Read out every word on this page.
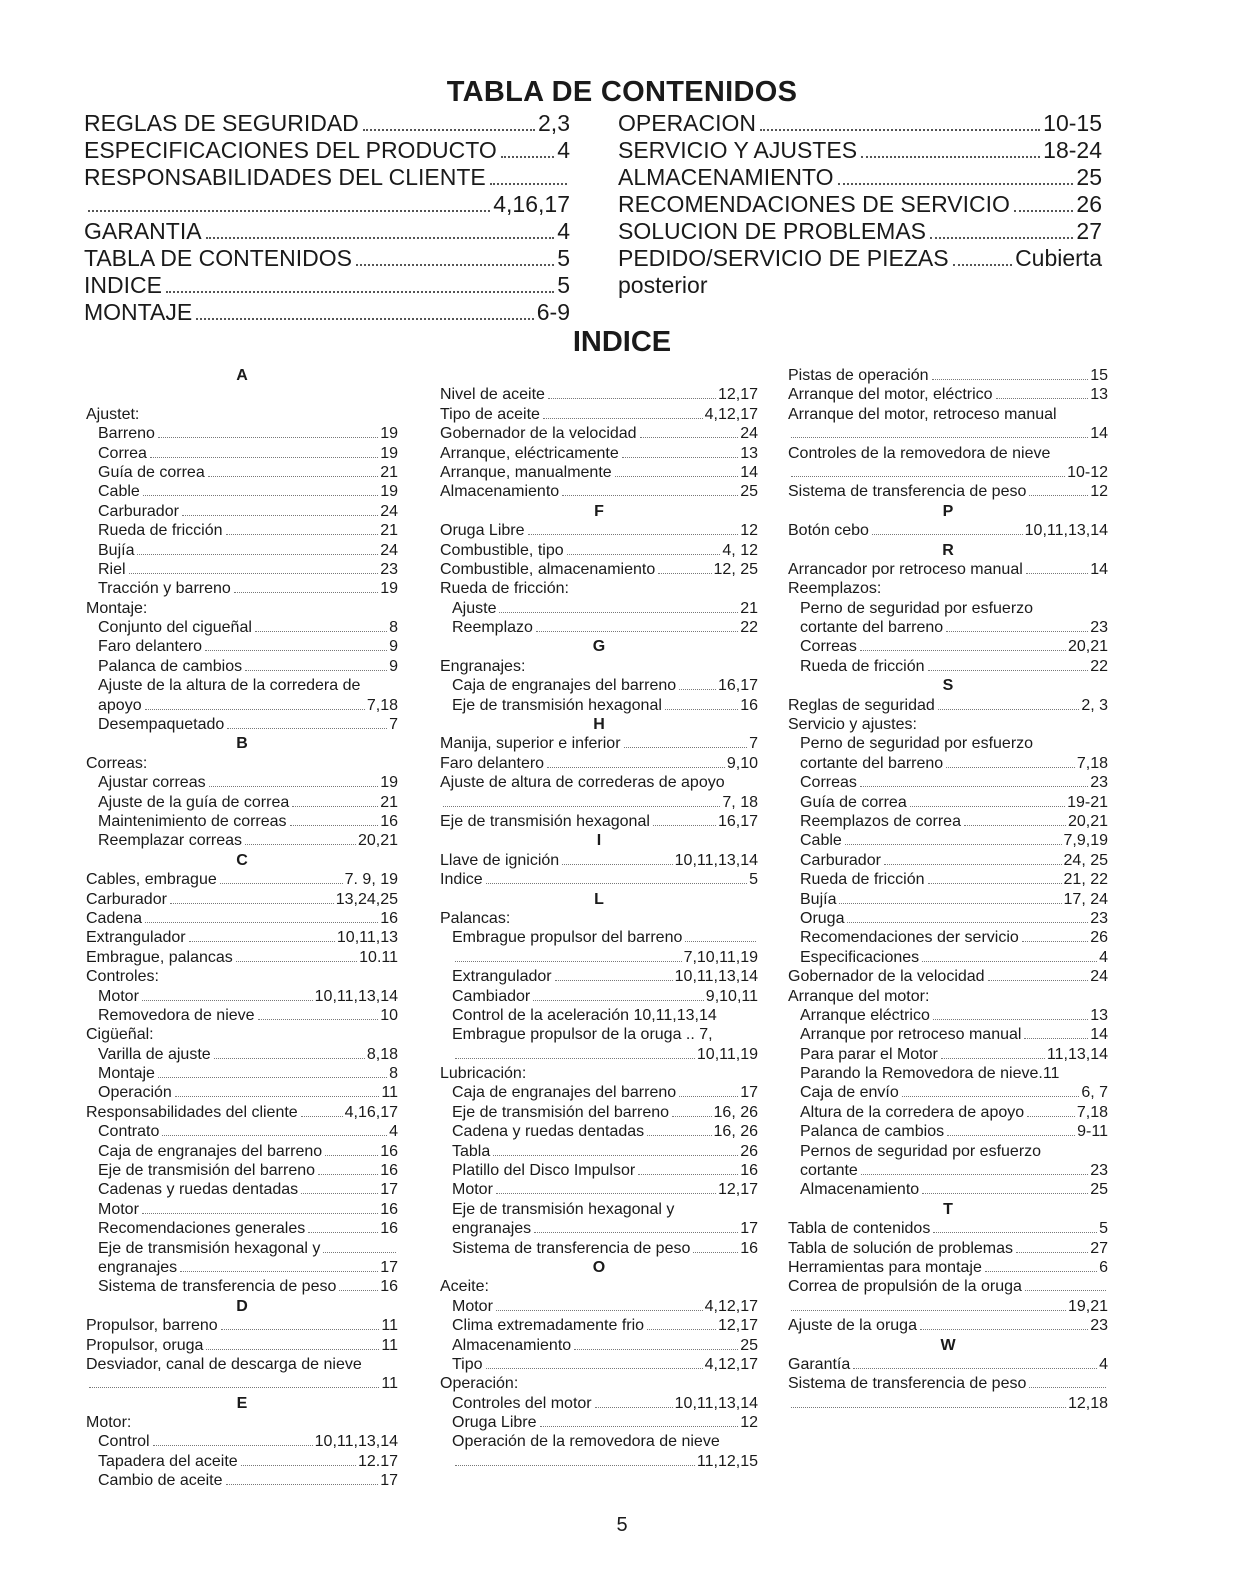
TABLA DE CONTENIDOS
REGLAS DE SEGURIDAD	2,3
ESPECIFICACIONES DEL PRODUCTO	4
RESPONSABILIDADES DEL CLIENTE
4,16,17
GARANTIA	4
TABLA DE CONTENIDOS	5
INDICE	5
MONTAJE	6-9
OPERACION	10-15
SERVICIO Y AJUSTES	18-24
ALMACENAMIENTO	25
RECOMENDACIONES DE SERVICIO	26
SOLUCION DE PROBLEMAS	27
PEDIDO/SERVICIO DE PIEZAS	Cubierta
posterior
INDICE
A
Ajustet:
Barreno	19
Correa	19
Guía de correa	21
Cable	19
Carburador	24
Rueda de fricción	21
Bujía	24
Riel	23
Tracción y barreno	19
Montaje:
Conjunto del cigueñal	8
Faro delantero	9
Palanca de cambios	9
Ajuste de la altura de la corredera de
apoyo	7,18
Desempaquetado	7
B
Correas:
Ajustar correas	19
Ajuste de la guía de correa	21
Maintenimiento de correas	16
Reemplazar correas	20,21
C
Cables, embrague	7. 9, 19
Carburador	13,24,25
Cadena	16
Extrangulador	10,11,13
Embrague, palancas	10.11
Controles:
Motor	10,11,13,14
Removedora de nieve	10
Cigüeñal:
Varilla de ajuste	8,18
Montaje	8
Operación	11
Responsabilidades del cliente	4,16,17
Contrato	4
Caja de engranajes del barreno	16
Eje de transmisión del barreno	16
Cadenas y ruedas dentadas	17
Motor	16
Recomendaciones generales	16
Eje de transmisión hexagonal y
engranajes	17
Sistema de transferencia de peso	16
D
Propulsor, barreno	11
Propulsor, oruga	11
Desviador, canal de descarga de nieve
11
E
Motor:
Control	10,11,13,14
Tapadera del aceite	12.17
Cambio de aceite	17
Nivel de aceite	12,17
Tipo de aceite	4,12,17
Gobernador de la velocidad	24
Arranque, eléctricamente	13
Arranque, manualmente	14
Almacenamiento	25
F
Oruga Libre	12
Combustible, tipo	4, 12
Combustible, almacenamiento	12, 25
Rueda de fricción:
Ajuste	21
Reemplazo	22
G
Engranajes:
Caja de engranajes del barreno	16,17
Eje de transmisión hexagonal	16
H
Manija, superior e inferior	7
Faro delantero	9,10
Ajuste de altura de correderas de apoyo
7, 18
Eje de transmisión hexagonal	16,17
I
Llave de ignición	10,11,13,14
Indice	5
L
Palancas:
Embrague propulsor del barreno
7,10,11,19
Extrangulador	10,11,13,14
Cambiador	9,10,11
Control de la aceleración 10,11,13,14
Embrague propulsor de la oruga .. 7,
10,11,19
Lubricación:
Caja de engranajes del barreno	17
Eje de transmisión del barreno	16, 26
Cadena y ruedas dentadas	16, 26
Tabla	26
Platillo del Disco Impulsor	16
Motor	12,17
Eje de transmisión hexagonal y
engranajes	17
Sistema de transferencia de peso	16
O
Aceite:
Motor	4,12,17
Clima extremadamente frio	12,17
Almacenamiento	25
Tipo	4,12,17
Operación:
Controles del motor	10,11,13,14
Oruga Libre	12
Operación de la removedora de nieve
11,12,15
Pistas de operación	15
Arranque del motor, eléctrico	13
Arranque del motor, retroceso manual
14
Controles de la removedora de nieve
10-12
Sistema de transferencia de peso	12
P
Botón cebo	10,11,13,14
R
Arrancador por retroceso manual	14
Reemplazos:
Perno de seguridad por esfuerzo
cortante del barreno	23
Correas	20,21
Rueda de fricción	22
S
Reglas de seguridad	2, 3
Servicio y ajustes:
Perno de seguridad por esfuerzo
cortante del barreno	7,18
Correas	23
Guía de correa	19-21
Reemplazos de correa	20,21
Cable	7,9,19
Carburador	24, 25
Rueda de fricción	21, 22
Bujía	17, 24
Oruga	23
Recomendaciones der servicio	26
Especificaciones	4
Gobernador de la velocidad	24
Arranque del motor:
Arranque eléctrico	13
Arranque por retroceso manual	14
Para parar el Motor	11,13,14
Parando la Removedora de nieve.11
Caja de envío	6, 7
Altura de la corredera de apoyo	7,18
Palanca de cambios	9-11
Pernos de seguridad por esfuerzo
cortante	23
Almacenamiento	25
T
Tabla de contenidos	5
Tabla de solución de problemas	27
Herramientas para montaje	6
Correa de propulsión de la oruga
19,21
Ajuste de la oruga	23
W
Garantía	4
Sistema de transferencia de peso
12,18
5
